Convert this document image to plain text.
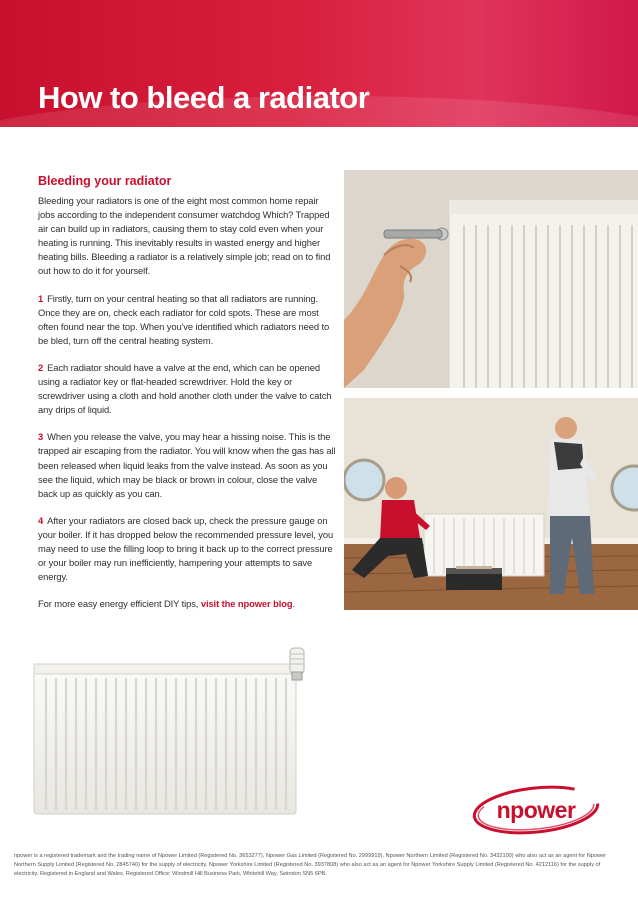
How to bleed a radiator
Bleeding your radiator

Bleeding your radiators is one of the eight most common home repair jobs according to the independent consumer watchdog Which? Trapped air can build up in radiators, causing them to stay cold even when your heating is running. This inevitably results in wasted energy and higher heating bills. Bleeding a radiator is a relatively simple job; read on to find out how to do it for yourself.

1 Firstly, turn on your central heating so that all radiators are running. Once they are on, check each radiator for cold spots. These are most often found near the top. When you've identified which radiators need to be bled, turn off the central heating system.

2 Each radiator should have a valve at the end, which can be opened using a radiator key or flat-headed screwdriver. Hold the key or screwdriver using a cloth and hold another cloth under the valve to catch any drips of liquid.

3 When you release the valve, you may hear a hissing noise. This is the trapped air escaping from the radiator. You will know when the gas has all been released when liquid leaks from the valve instead. As soon as you see the liquid, which may be black or brown in colour, close the valve back up as quickly as you can.

4 After your radiators are closed back up, check the pressure gauge on your boiler. If it has dropped below the recommended pressure level, you may need to use the filling loop to bring it back up to the correct pressure or your boiler may run inefficiently, hampering your attempts to save energy.

For more easy energy efficient DIY tips, visit the npower blog.

npower

npower is a registered trademark and the trading name of Npower Limited (Registered No. 3653277), Npower Gas Limited (Registered No. 2999919), Npower Northern Limited (Registered No. 3432100) who also act as an agent for Npower Northern Supply Limited (Registered No. 2845740) for the supply of electricity, Npower Yorkshire Limited (Registered No. 3937808) who also act as an agent for Npower Yorkshire Supply Limited (Registered No. 4212116) for the supply of electricity. Registered in England and Wales. Registered Office: Windmill Hill Business Park, Whitehill Way, Swindon SN5 6PB.
